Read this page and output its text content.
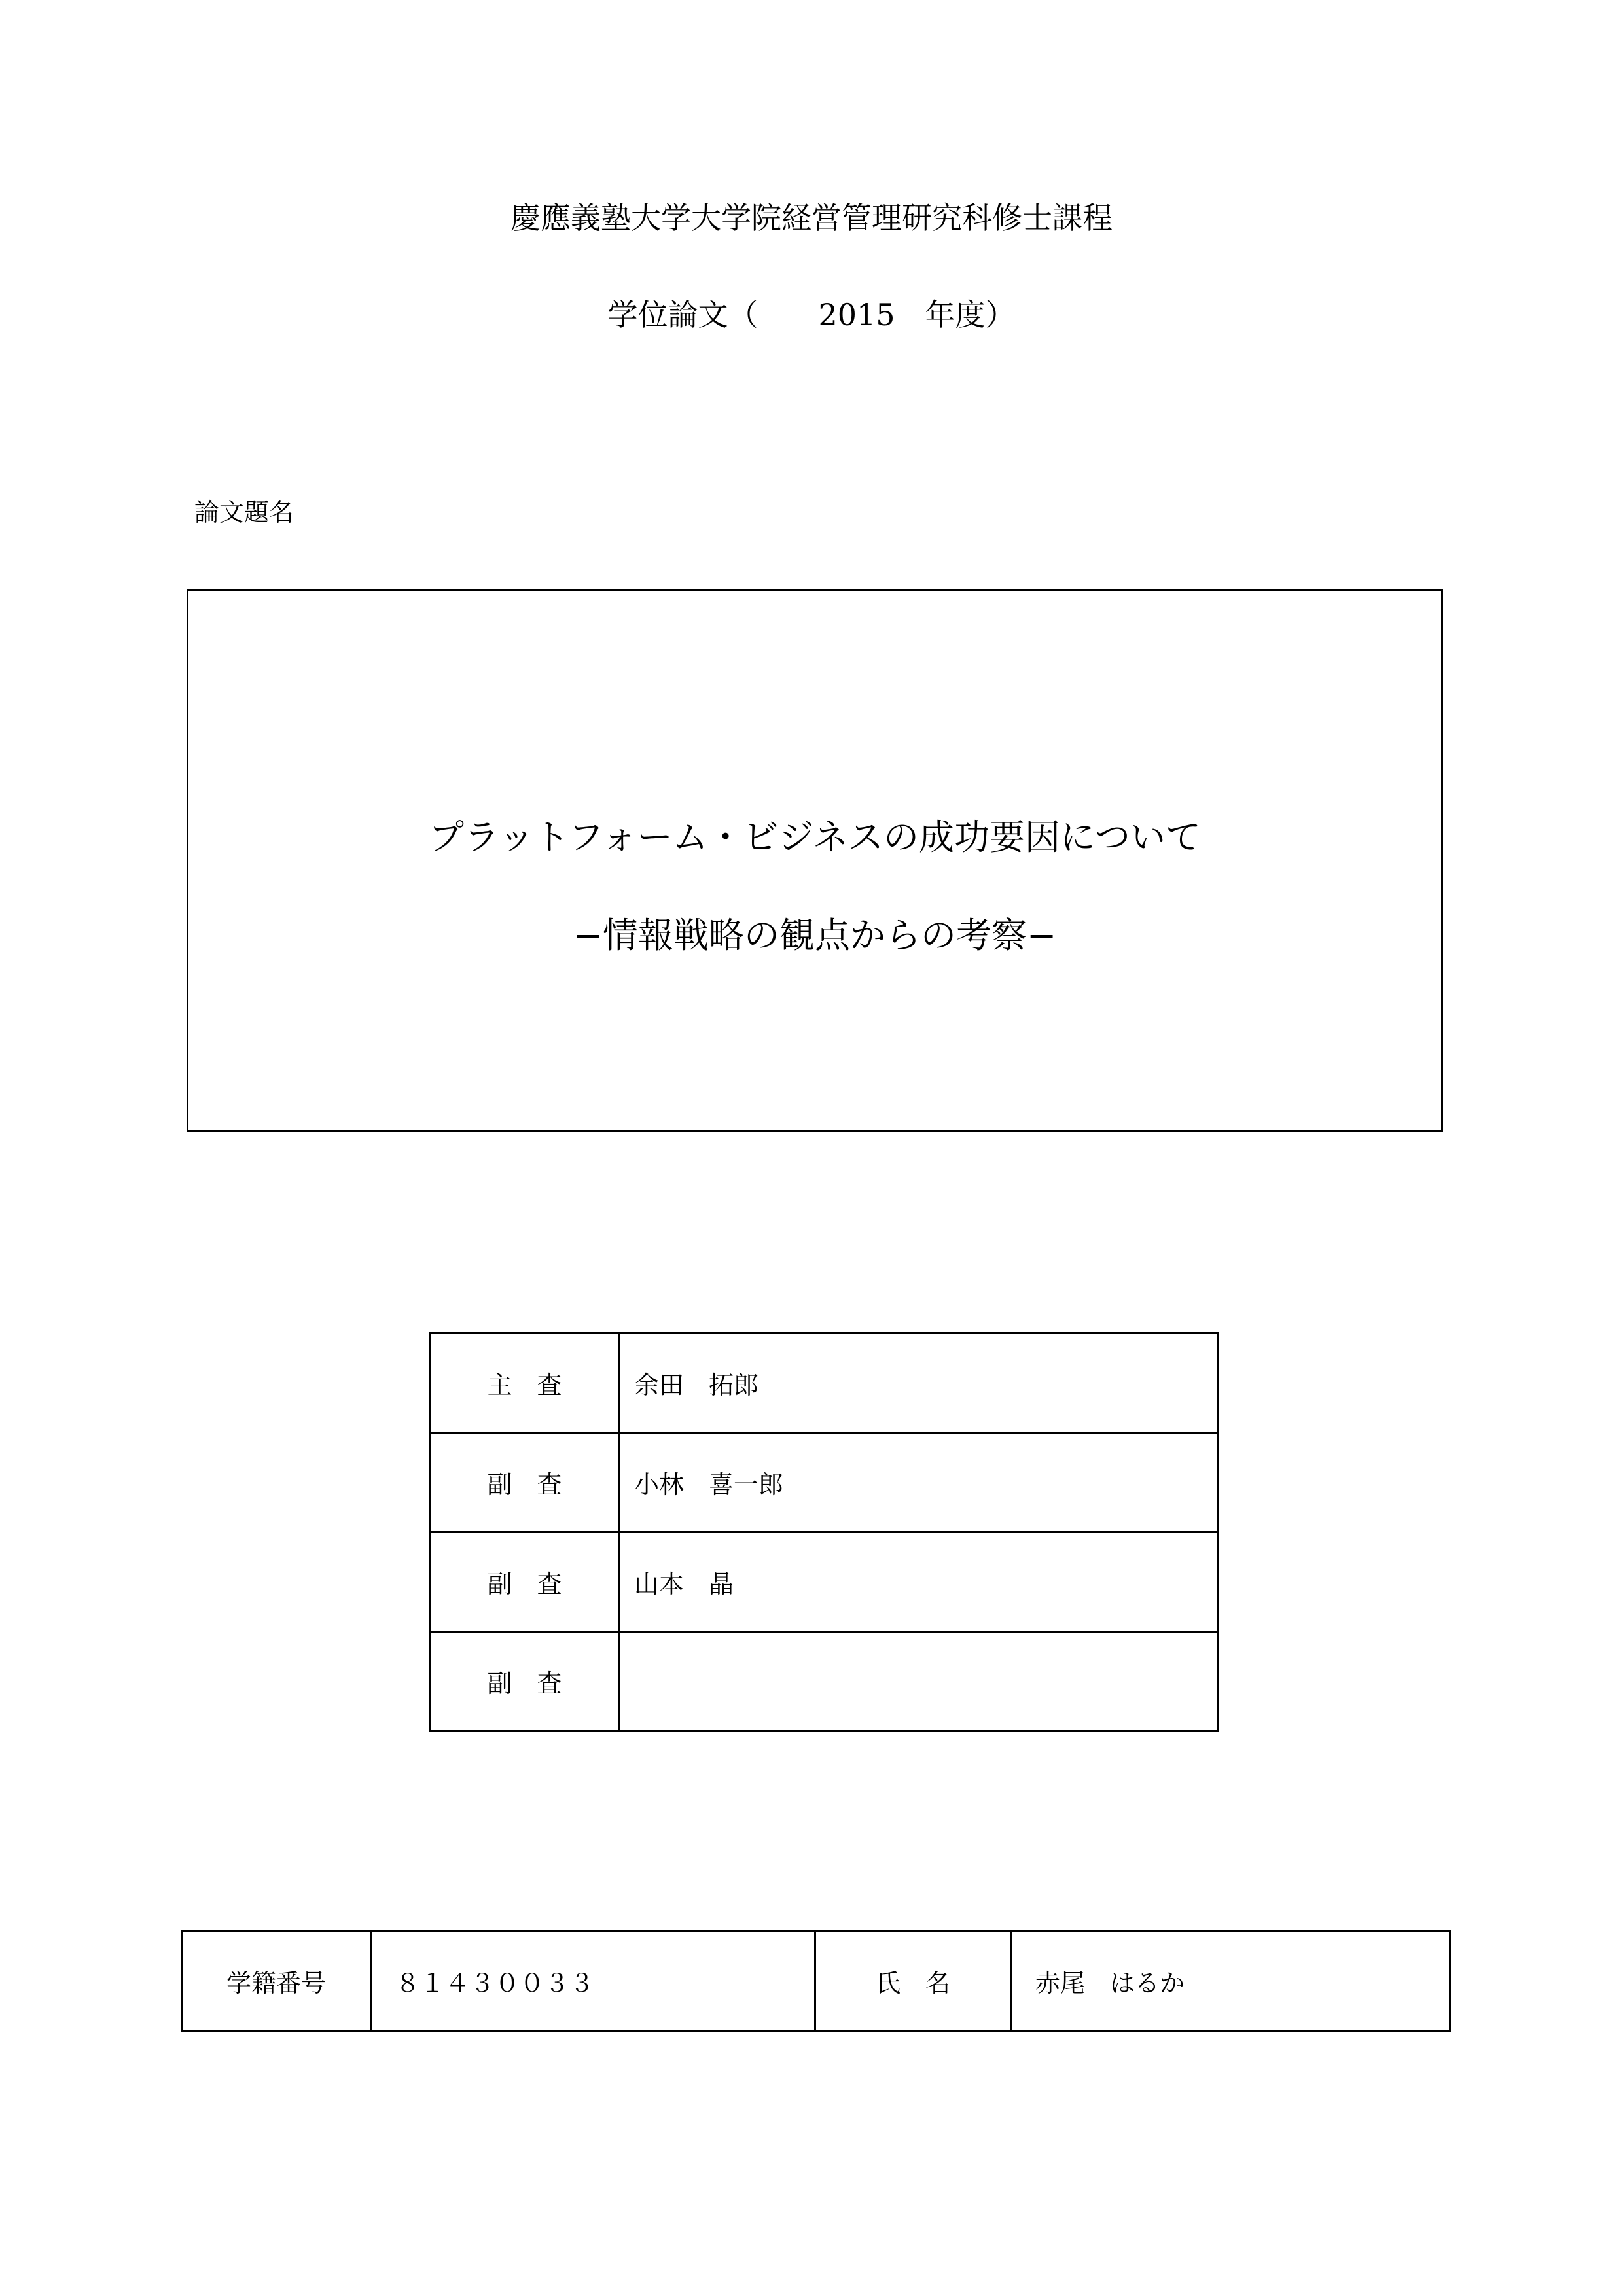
慶應義塾大学大学院経営管理研究科修士課程
学位論文（　　2015　年度）
論文題名
プラットフォーム・ビジネスの成功要因について
−情報戦略の観点からの考察−
主　査	余田　拓郎
副　査	小林　喜一郎
副　査	山本　晶
副　査	
学籍番号	８１４３００３３	氏　名	赤尾　はるか
